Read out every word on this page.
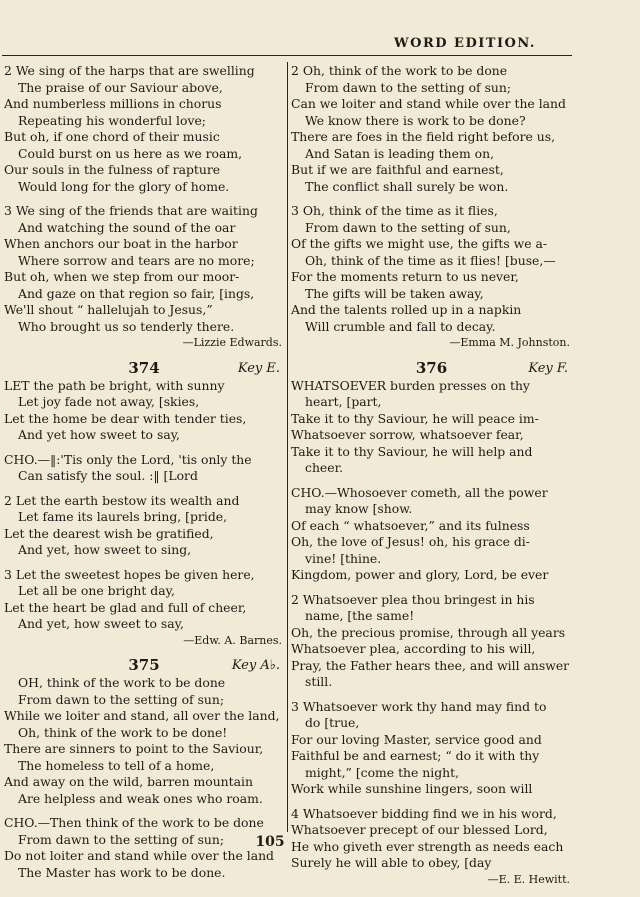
WORD EDITION.
2 We sing of the harps that are swelling
The praise of our Saviour above,
And numberless millions in chorus
Repeating his wonderful love;
But oh, if one chord of their music
Could burst on us here as we roam,
Our souls in the fulness of rapture
Would long for the glory of home.
3 We sing of the friends that are waiting
And watching the sound of the oar
When anchors our boat in the harbor
Where sorrow and tears are no more;
But oh, when we step from our moor-
And gaze on that region so fair, [ings,
We'll shout “ hallelujah to Jesus,”
Who brought us so tenderly there.
—Lizzie Edwards.
374	Key E.
LET the path be bright, with sunny
Let joy fade not away, [skies,
Let the home be dear with tender ties,
And yet how sweet to say,
CHO.—‖:'Tis only the Lord, 'tis only the
Can satisfy the soul. :‖ [Lord
2 Let the earth bestow its wealth and
Let fame its laurels bring, [pride,
Let the dearest wish be gratified,
And yet, how sweet to sing,
3 Let the sweetest hopes be given here,
Let all be one bright day,
Let the heart be glad and full of cheer,
And yet, how sweet to say,
—Edw. A. Barnes.
375	Key A♭.
OH, think of the work to be done
From dawn to the setting of sun;
While we loiter and stand, all over the land,
Oh, think of the work to be done!
There are sinners to point to the Saviour,
The homeless to tell of a home,
And away on the wild, barren mountain
Are helpless and weak ones who roam.
CHO.—Then think of the work to be done
From dawn to the setting of sun;
Do not loiter and stand while over the land
The Master has work to be done.
2 Oh, think of the work to be done
From dawn to the setting of sun;
Can we loiter and stand while over the land
We know there is work to be done?
There are foes in the field right before us,
And Satan is leading them on,
But if we are faithful and earnest,
The conflict shall surely be won.
3 Oh, think of the time as it flies,
From dawn to the setting of sun,
Of the gifts we might use, the gifts we a-
Oh, think of the time as it flies! [buse,—
For the moments return to us never,
The gifts will be taken away,
And the talents rolled up in a napkin
Will crumble and fall to decay.
—Emma M. Johnston.
376	Key F.
WHATSOEVER burden presses on thy
heart, [part,
Take it to thy Saviour, he will peace im-
Whatsoever sorrow, whatsoever fear,
Take it to thy Saviour, he will help and
cheer.
CHO.—Whosoever cometh, all the power
may know [show.
Of each “ whatsoever,” and its fulness
Oh, the love of Jesus! oh, his grace di-
vine! [thine.
Kingdom, power and glory, Lord, be ever
2 Whatsoever plea thou bringest in his
name, [the same!
Oh, the precious promise, through all years
Whatsoever plea, according to his will,
Pray, the Father hears thee, and will answer
still.
3 Whatsoever work thy hand may find to
do [true,
For our loving Master, service good and
Faithful be and earnest; “ do it with thy
might,” [come the night,
Work while sunshine lingers, soon will
4 Whatsoever bidding find we in his word,
Whatsoever precept of our blessed Lord,
He who giveth ever strength as needs each
Surely he will able to obey, [day
—E. E. Hewitt.
105
